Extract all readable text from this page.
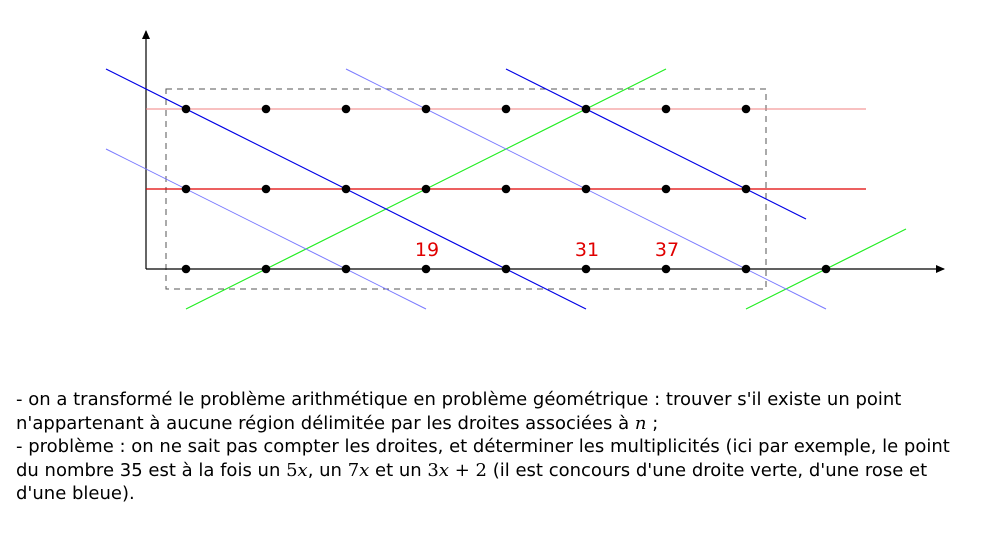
19	31	37

- on a transformé le problème arithmétique en problème géométrique : trouver s'il existe un point n'appartenant à aucune région délimitée par les droites associées à n ;

- problème : on ne sait pas compter les droites, et déterminer les multiplicités (ici par exemple, le point du nombre 35 est à la fois un 5x, un 7x et un 3x + 2 (il est concours d'une droite verte, d'une rose et d'une bleue).
